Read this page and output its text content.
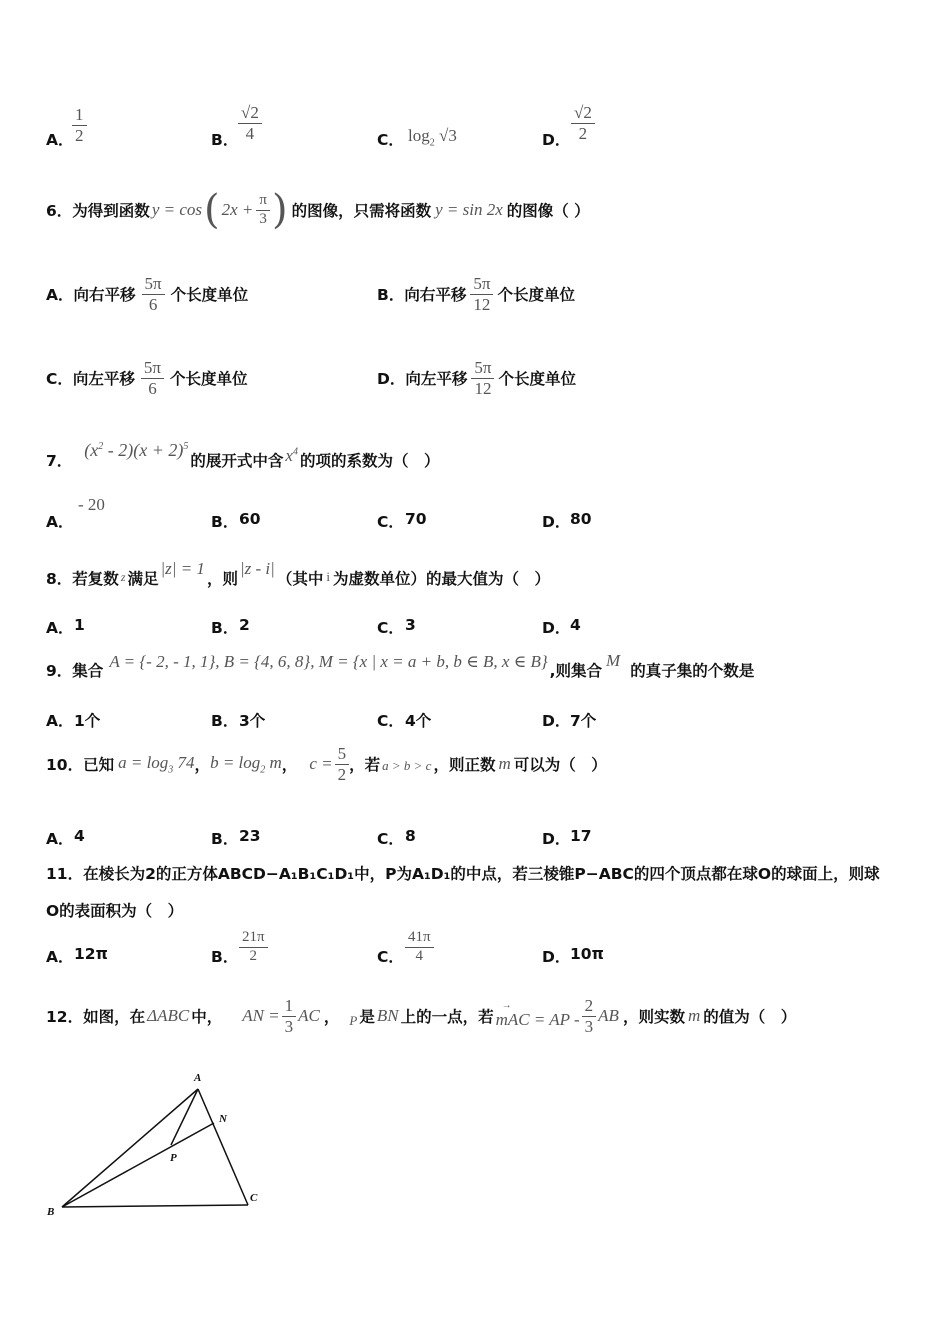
A．
$\frac{1}{2}$	B． $\frac{√2}{4}$	C． $\log_2 √3$	D． $\frac{√2}{2}$
6． 为得到函数 y = cos ( $2x + \frac{\pi}{3}$ ) 的图像，只需将函数 y = sin 2x 的图像（ ）
A． 向右平移 $\frac{5\pi}{6}$ 个长度单位	B． 向右平移 $\frac{5\pi}{12}$ 个长度单位
C． 向左平移 $\frac{5\pi}{6}$ 个长度单位	D． 向左平移 $\frac{5\pi}{12}$ 个长度单位
7．
$(x^2 - 2)(x + 2)^5$
的展开式中含 $x^4$
的项的系数为（　）
A．
- 20
B． 60	C． 70	D． 80
8． 若复数 z 满足
|z| = 1
，则
|z - i|
（其中 i 为虚数单位）的最大值为（　）
A． 1	B． 2	C． 3	D． 4
9． 集合 A = {- 2, - 1, 1}, B = {4, 6, 8}, M = {x | x = a + b, b ∈ B, x ∈ B} ,则集合
M
的真子集的个数是
A． 1个	B． 3个	C． 4个	D． 7个
10． 已知 $a = \log_3 74$ ， $b = \log_2 m$ ， $c = \frac{5}{2}$ ，若 a > b > c ，则正数 m 可以为（　）
A． 4	B． 23	C． 8	D． 17
11．在棱长为2的正方体ABCD−A₁B₁C₁D₁中，P为A₁D₁的中点，若三棱锥P−ABC的四个顶点都在球O的球面上，则球
O的表面积为（　）
A． 12π	B． $\frac{21\pi}{2}$	C． $\frac{41\pi}{4}$	D． 10π
12． 如图，在 ΔABC 中， AN = $\frac{1}{3}$ AC ， P 是 BN 上的一点，若
→
mAC = AP - $\frac{2}{3}$ AB ，则实数 m 的值为（　）
A
B
C
N
P
